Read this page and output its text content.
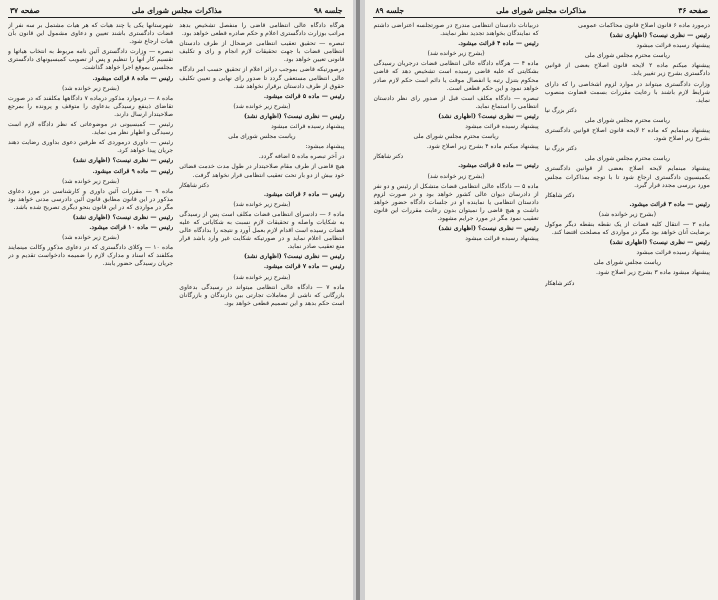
جلسه ۹۸
مذاکرات مجلس شورای ملی
صفحه ۳۷

هرگاه دادگاه عالی انتظامی قاضی را منفصل تشخیص بدهد مراتب بوزارت دادگستری اعلام و حکم صادره قطعی خواهد بود.

تبصره — تحقیق تعقیب انتظامی عرضحال از طرف دادستان انتظامی قضات با جهت تحقیقات لازم انجام و رای و تکلیف قانونی تعیین خواهد بود.

درصورتیکه قاضی بموجب دراثر اعلام از تحقیق حسب امر دادگاه عالی انتظامی مستعفی گردد تا صدور رای نهایی و تعیین تکلیف حقوق از طرف دادستان برقرار نخواهد شد.

رئیس — ماده ۵ قرائت میشود.

(بشرح زیر خوانده شد)

رئیس — نظری نیست؟ (اظهاری نشد)

پیشنهاد رسیده قرائت میشود

ریاست مجلس شورای ملی

پیشنهاد میشود:

در آخر تبصره ماده ۵ اضافه گردد.

هیچ قاضی از طرف مقام صلاحیتدار در طول مدت خدمت قضائی خود بیش از دو بار تحت تعقیب انتظامی قرار نخواهد گرفت.

دکتر شاهکار

رئیس — ماده ۶ قرائت میشود.

(بشرح زیر خوانده شد)

ماده ۶ — دادسرای انتظامی قضات مکلف است پس از رسیدگی به شکایات واصله و تحقیقات لازم نسبت به شکایاتی که علیه قضات رسیده است اقدام لازم بعمل آورد و نتیجه را بدادگاه عالی انتظامی اعلام نماید و در صورتیکه شکایت غیر وارد باشد قرار منع تعقیب صادر نماید.

رئیس — نظری نیست؟ (اظهاری نشد)

رئیس — ماده ۷ قرائت میشود.

(بشرح زیر خوانده شد)

ماده ۷ — دادگاه عالی انتظامی میتواند در رسیدگی بدعاوی بازرگانی که ناشی از معاملات تجارتی بین دارندگان و بازرگانان است حکم بدهد و این تصمیم قطعی خواهد بود.

شهرستانها یکی یا چند هیات که هر هیات مشتمل بر سه نفر از قضات دادگستری باشند تعیین و دعاوی مشمول این قانون بآن هیات ارجاع شود.

تبصره — وزارت دادگستری آئین نامه مربوط به انتخاب هیاتها و تقسیم کار آنها را تنظیم و پس از تصویب کمیسیونهای دادگستری مجلسین بموقع اجرا خواهد گذاشت.

رئیس — ماده ۸ قرائت میشود.

(بشرح زیر خوانده شد)

ماده ۸ — درموارد مذکور درماده ۷ دادگاهها مکلفند که در صورت تقاضای ذینفع رسیدگی بدعاوی را متوقف و پرونده را بمرجع صلاحیتدار ارسال دارند.

رئیس — کمیسیونی در موضوعاتی که نظر دادگاه لازم است رسیدگی و اظهار نظر می نماید.

رئیس — داوری درموردی که طرفین دعوی بداوری رضایت دهند جریان پیدا خواهد کرد.

رئیس — نظری نیست؟ (اظهاری نشد)

رئیس — ماده ۹ قرائت میشود.

(بشرح زیر خوانده شد)

ماده ۹ — مقررات آئین داوری و کارشناسی در مورد دعاوی مذکور در این قانون مطابق قانون آئین دادرسی مدنی خواهد بود مگر در مواردی که در این قانون بنحو دیگری تصریح شده باشد.

رئیس — نظری نیست؟ (اظهاری نشد)

رئیس — ماده ۱۰ قرائت میشود.

(بشرح زیر خوانده شد)

ماده ۱۰ — وکلای دادگستری که در دعاوی مذکور وکالت مینمایند مکلفند که اسناد و مدارک لازم را ضمیمه دادخواست تقدیم و در جریان رسیدگی حضور یابند.

صفحه ۳۶
مذاکرات مجلس شورای ملی
جلسه ۸۹

درمورد ماده ۶ قانون اصلاح قانون محاکمات عمومی

رئیس — نظری نیست؟ (اظهاری نشد)

پیشنهاد رسیده قرائت میشود

ریاست محترم مجلس شورای ملی

پیشنهاد میکنم ماده ۲ لایحه قانون اصلاح بعضی از قوانین دادگستری بشرح زیر تغییر یابد.

وزارت دادگستری میتواند در موارد لزوم اشخاصی را که دارای شرایط لازم باشند با رعایت مقررات بسمت قضاوت منصوب نماید.

دکتر بزرگ نیا

ریاست محترم مجلس شورای ملی

پیشنهاد مینمایم که ماده ۲ لایحه قانون اصلاح قوانین دادگستری بشرح زیر اصلاح شود.

دکتر بزرگ نیا

ریاست محترم مجلس شورای ملی

پیشنهاد مینمایم لایحه اصلاح بعضی از قوانین دادگستری بکمیسیون دادگستری ارجاع شود تا با توجه بمذاکرات مجلس مورد بررسی مجدد قرار گیرد.

دکتر شاهکار

رئیس — ماده ۳ قرائت میشود.

(بشرح زیر خوانده شد)

ماده ۳ — انتقال کلیه قضات از یک نقطه بنقطه دیگر موکول برضایت آنان خواهد بود مگر در مواردی که مصلحت اقتضا کند.

رئیس — نظری نیست؟ (اظهاری نشد)

پیشنهاد رسیده قرائت میشود

ریاست مجلس شورای ملی

پیشنهاد میشود ماده ۳ بشرح زیر اصلاح شود.

دکتر شاهکار

دربیانات دادستان انتظامی مندرج در صورتجلسه اعتراضی داشتم که نمایندگان بخواهند تجدید نظر نمایند.

رئیس — ماده ۴ قرائت میشود.

(بشرح زیر خوانده شد)

ماده ۴ — هرگاه دادگاه عالی انتظامی قضات درجریان رسیدگی بشکایتی که علیه قاضی رسیده است تشخیص دهد که قاضی محکوم بتنزل رتبه یا انفصال موقت یا دائم است حکم لازم صادر خواهد نمود و این حکم قطعی است.

تبصره — دادگاه مکلف است قبل از صدور رای نظر دادستان انتظامی را استماع نماید.

رئیس — نظری نیست؟ (اظهاری نشد)

پیشنهاد رسیده قرائت میشود

ریاست محترم مجلس شورای ملی

پیشنهاد میکنم ماده ۴ بشرح زیر اصلاح شود.

دکتر شاهکار

رئیس — ماده ۵ قرائت میشود.

(بشرح زیر خوانده شد)

ماده ۵ — دادگاه عالی انتظامی قضات متشکل از رئیس و دو نفر از دادرسان دیوان عالی کشور خواهد بود و در صورت لزوم دادستان انتظامی یا نماینده او در جلسات دادگاه حضور خواهد داشت و هیچ قاضی را نمیتوان بدون رعایت مقررات این قانون تعقیب نمود مگر در مورد جرایم مشهود.

رئیس — نظری نیست؟ (اظهاری نشد)

پیشنهاد رسیده قرائت میشود
